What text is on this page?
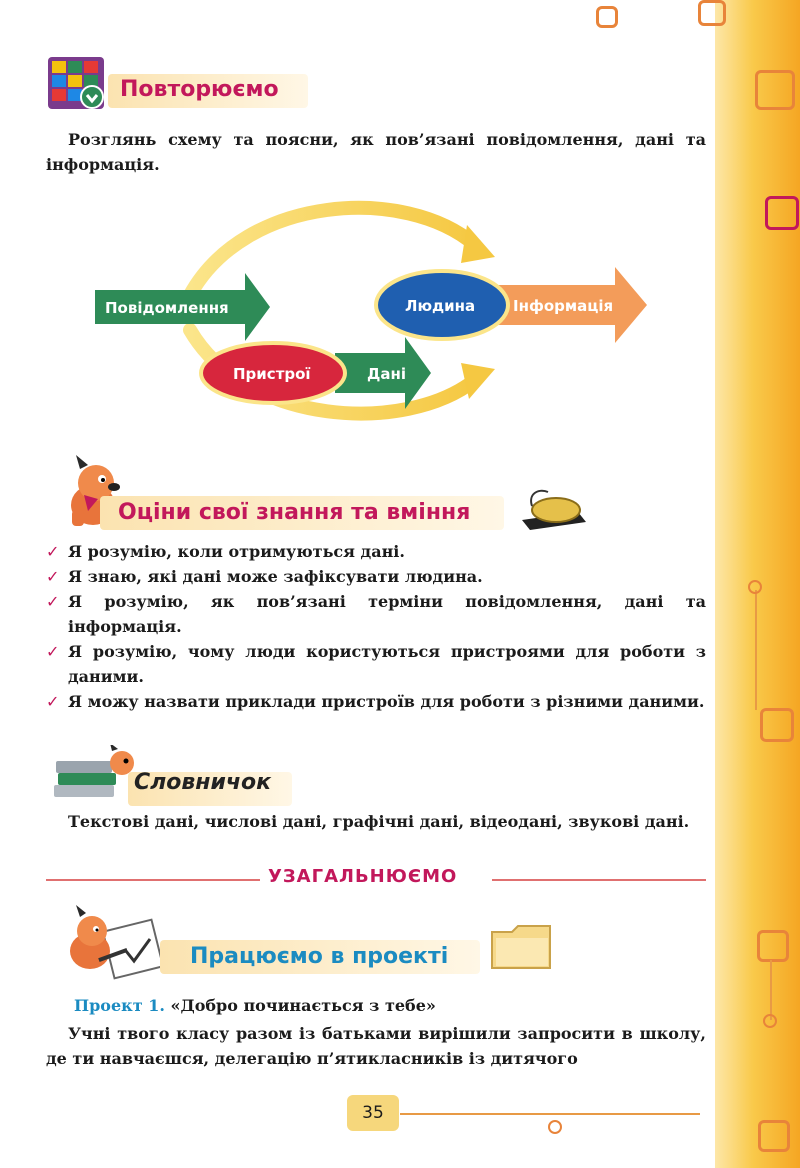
Повторюємо
Розглянь схему та поясни, як пов’язані повідомлення, дані та інформація.
Повідомлення
Дані
Пристрої
Інформація
Людина
Оціни свої знання та вміння
✓ Я розумію, коли отримуються дані.
✓ Я знаю, які дані може зафіксувати людина.
✓ Я розумію, як пов’язані терміни повідомлення, дані та інформація.
✓ Я розумію, чому люди користуються пристроями для роботи з даними.
✓ Я можу назвати приклади пристроїв для роботи з різними даними.
Словничок
Текстові дані, числові дані, графічні дані, відеодані, звукові дані.
УЗАГАЛЬНЮЄМО
Працюємо в проекті
Проект 1. «Добро починається з тебе»
Учні твого класу разом із батьками вирішили запросити в школу, де ти навчаєшся, делегацію п’ятикласників із дитячого
35
